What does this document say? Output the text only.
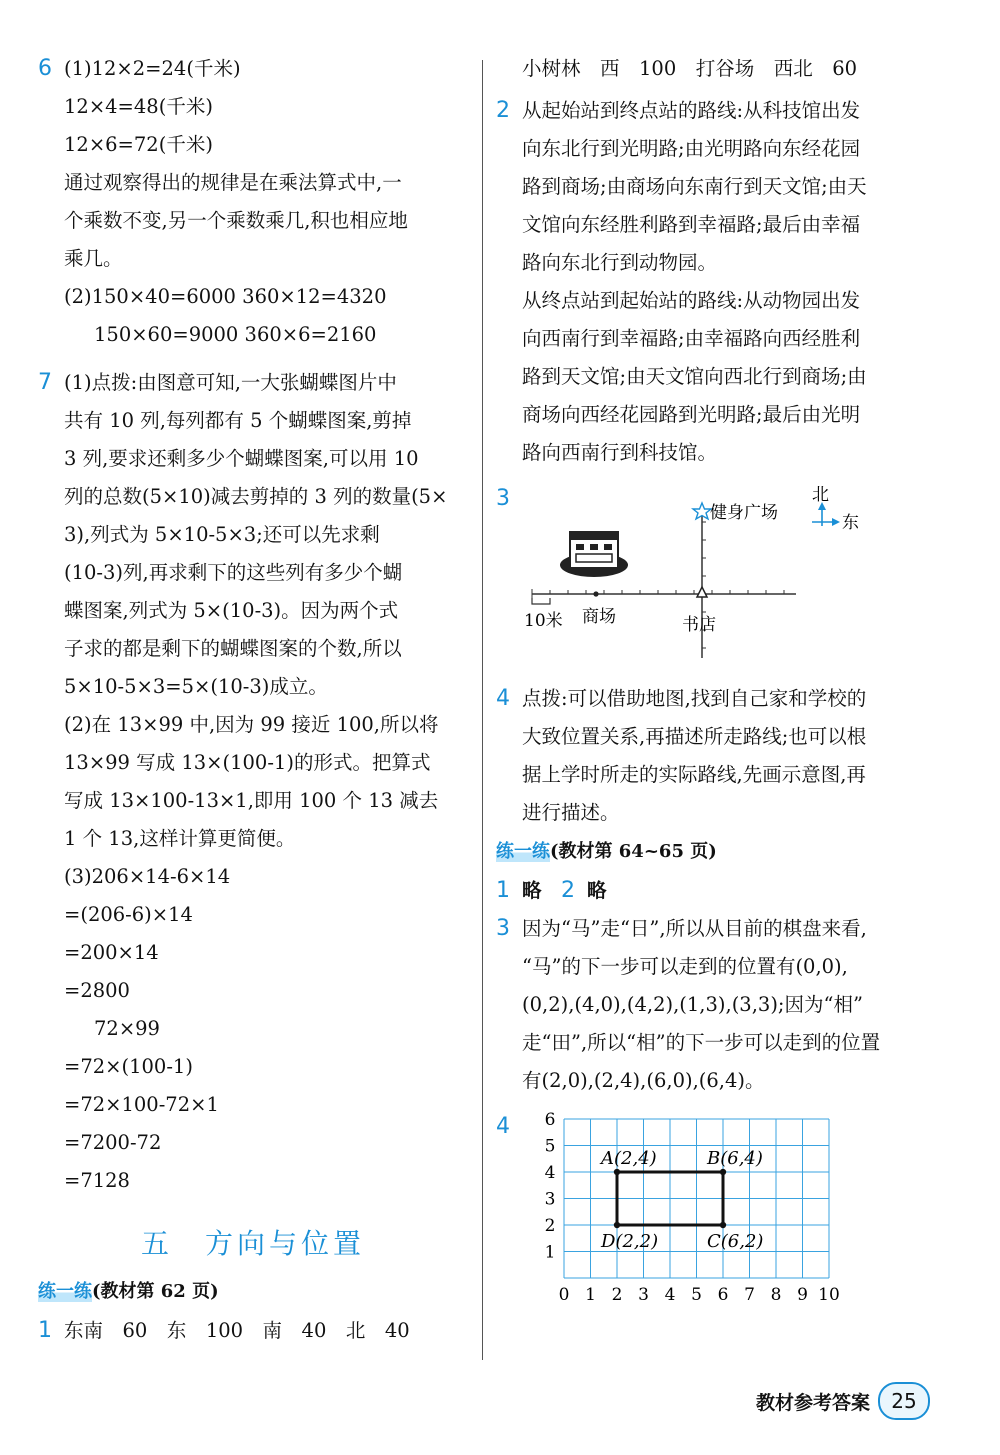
6 (1)12×2=24(千米)
12×4=48(千米)
12×6=72(千米)
通过观察得出的规律是在乘法算式中,一
个乘数不变,另一个乘数乘几,积也相应地
乘几。
(2)150×40=6000 360×12=4320
150×60=9000 360×6=2160
7 (1)点拨:由图意可知,一大张蝴蝶图片中
共有 10 列,每列都有 5 个蝴蝶图案,剪掉
3 列,要求还剩多少个蝴蝶图案,可以用 10
列的总数(5×10)减去剪掉的 3 列的数量(5×
3),列式为 5×10-5×3;还可以先求剩
(10-3)列,再求剩下的这些列有多少个蝴
蝶图案,列式为 5×(10-3)。因为两个式
子求的都是剩下的蝴蝶图案的个数,所以
5×10-5×3=5×(10-3)成立。
(2)在 13×99 中,因为 99 接近 100,所以将
13×99 写成 13×(100-1)的形式。把算式
写成 13×100-13×1,即用 100 个 13 减去
1 个 13,这样计算更简便。
(3)206×14-6×14
=(206-6)×14
=200×14
=2800
72×99
=72×(100-1)
=72×100-72×1
=7200-72
=7128
五　方向与位置
练一练(教材第 62 页)
1 东南　60　东　100　南　40　北　40
小树林　西　100　打谷场　西北　60
2 从起始站到终点站的路线:从科技馆出发
向东北行到光明路;由光明路向东经花园
路到商场;由商场向东南行到天文馆;由天
文馆向东经胜利路到幸福路;最后由幸福
路向东北行到动物园。
从终点站到起始站的路线:从动物园出发
向西南行到幸福路;由幸福路向西经胜利
路到天文馆;由天文馆向西北行到商场;由
商场向西经花园路到光明路;最后由光明
路向西南行到科技馆。
3
健身广场
北
东
10米 商场	书店
4 点拨:可以借助地图,找到自己家和学校的
大致位置关系,再描述所走路线;也可以根
据上学时所走的实际路线,先画示意图,再
进行描述。
练一练(教材第 64~65 页)
1 略　 2 略
3 因为“马”走“日”,所以从目前的棋盘来看,
“马”的下一步可以走到的位置有(0,0),
(0,2),(4,0),(4,2),(1,3),(3,3);因为“相”
走“田”,所以“相”的下一步可以走到的位置
有(2,0),(2,4),(6,0),(6,4)。
4
0 1 2 3 4 5 6 7 8 9 10
1
2
3
4
5
6
A(2,4)	B(6,4)
C(6,2)
D(2,2)
教材参考答案	25
